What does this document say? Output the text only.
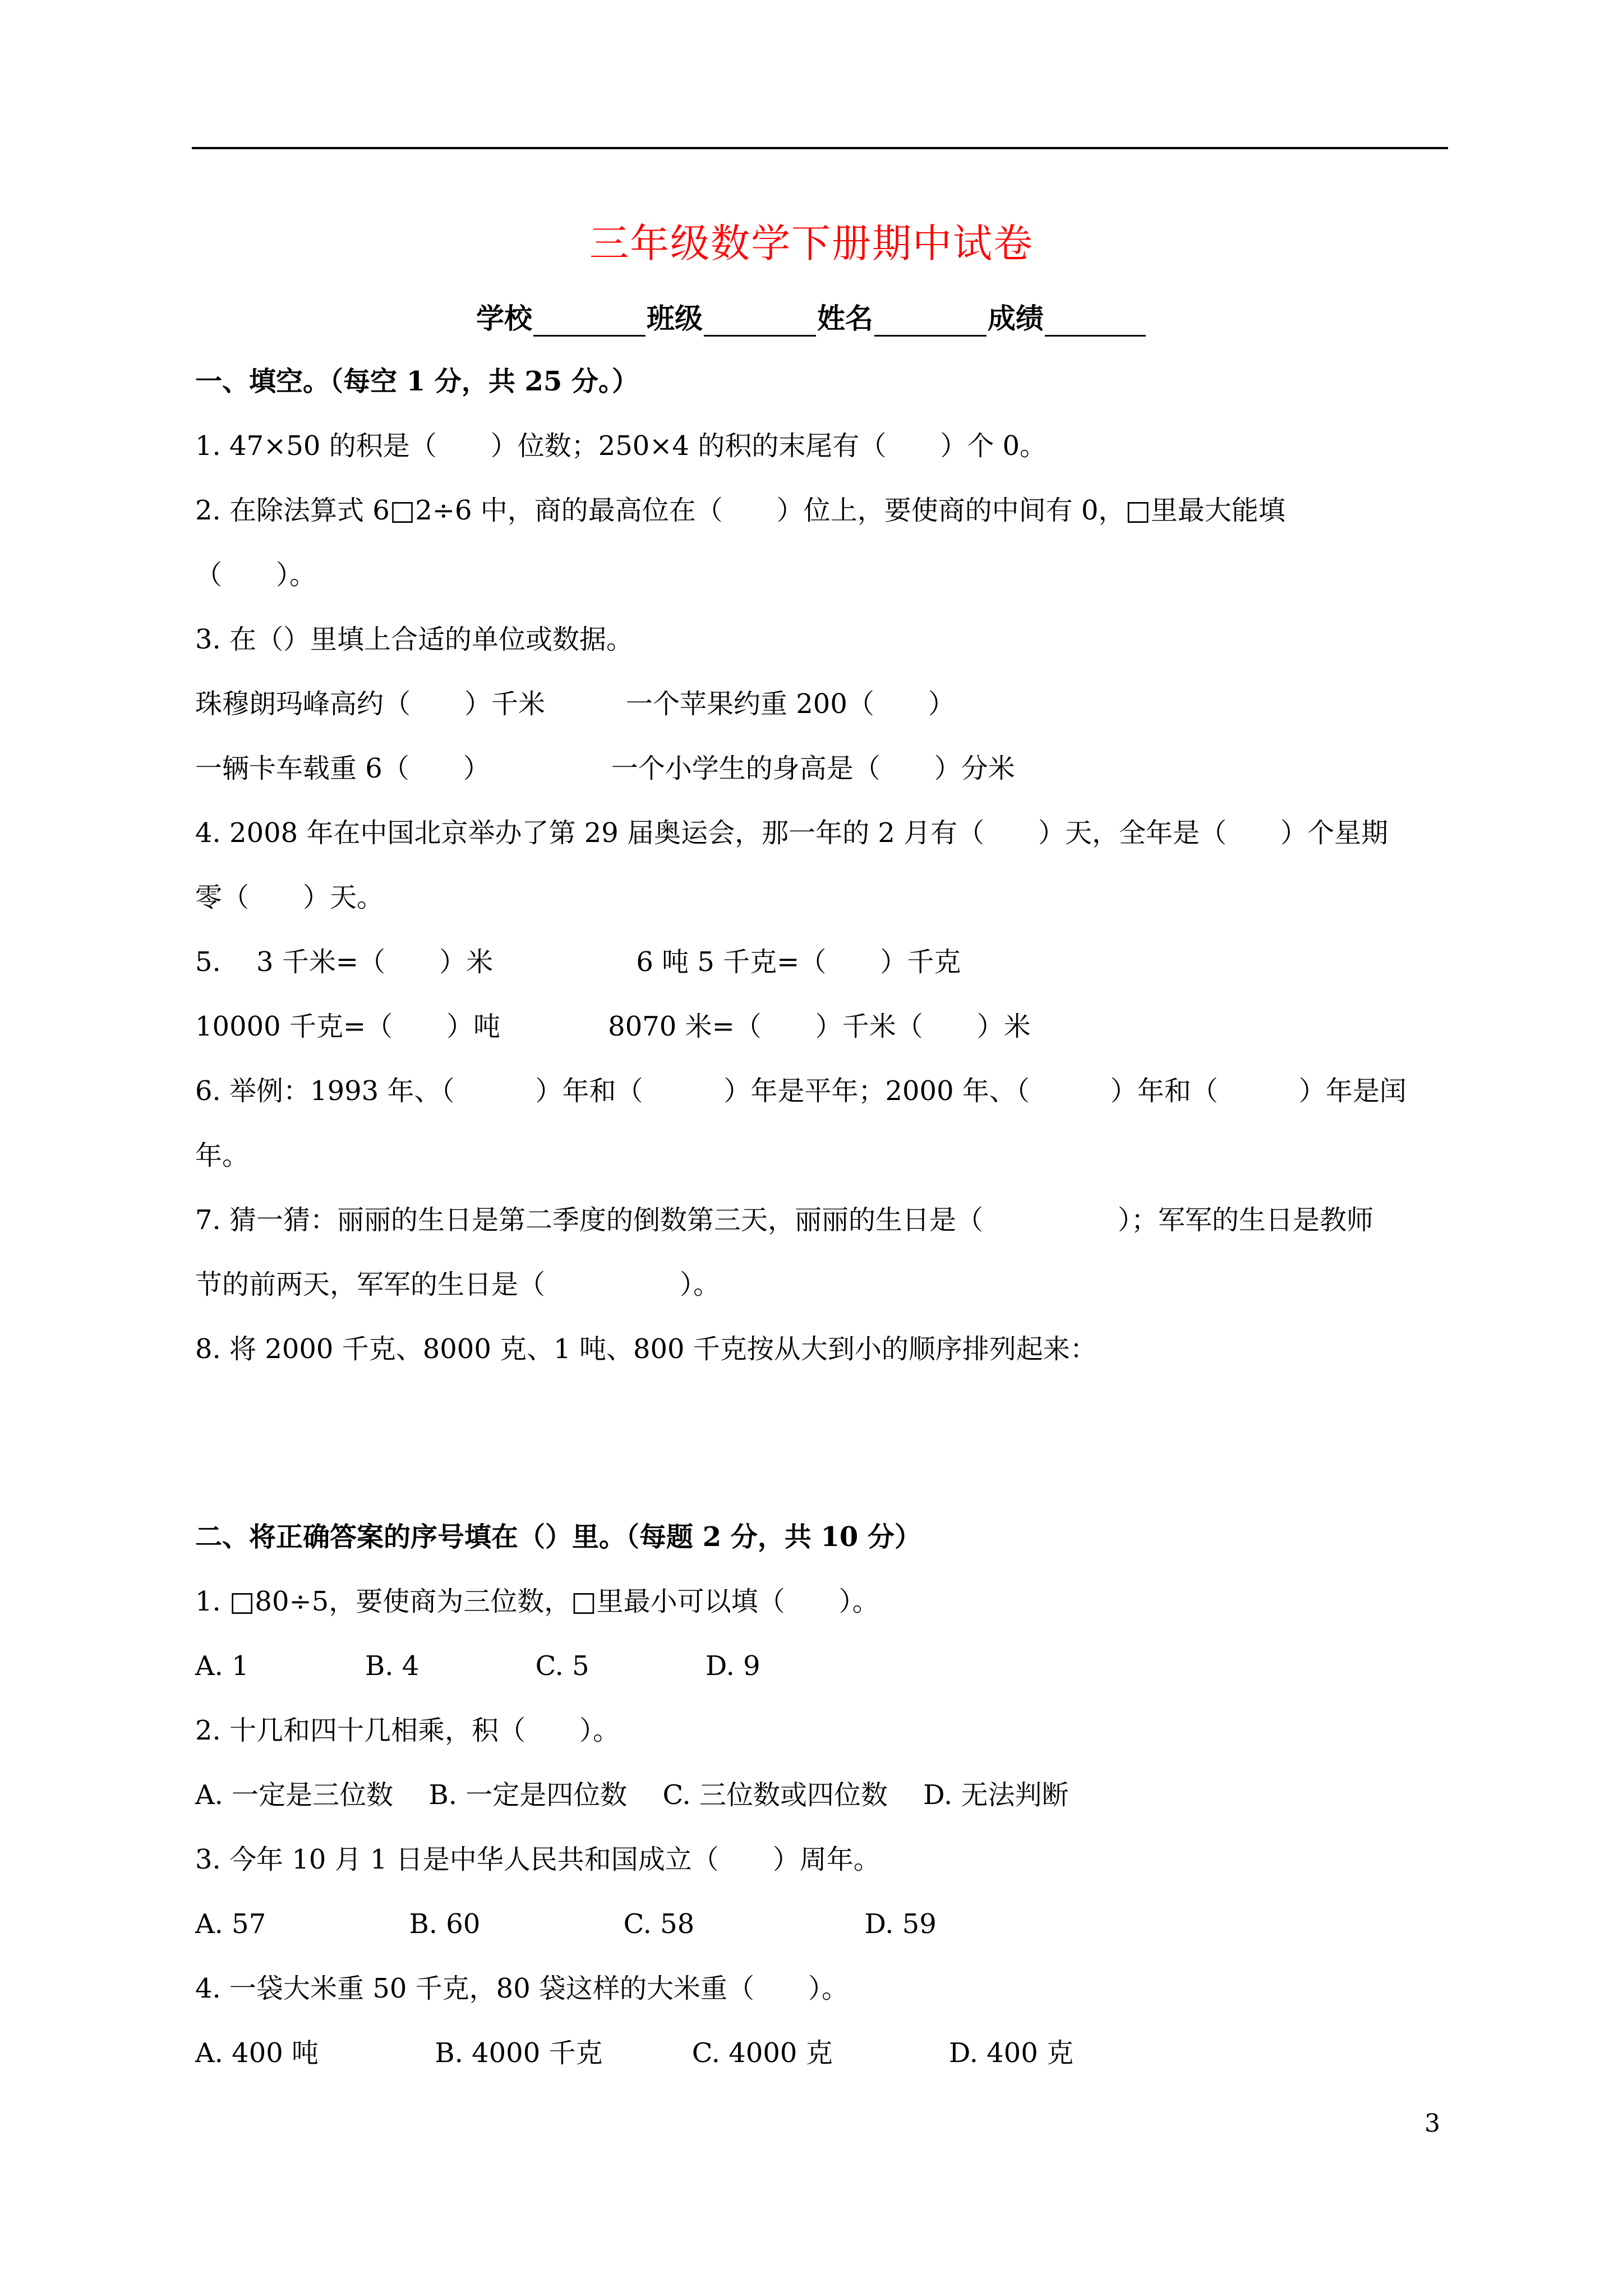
三年级数学下册期中试卷
学校	班级	姓名	成绩
一、填空。（每空 1 分，共 25 分。）
1. 47×50 的积是（　　）位数；250×4 的积的末尾有（　　）个 0。
2. 在除法算式 6□2÷6 中，商的最高位在（　　）位上，要使商的中间有 0，□里最大能填
（　　）。
3. 在（）里填上合适的单位或数据。
珠穆朗玛峰高约（　　）千米　　　一个苹果约重 200（　　）
一辆卡车载重 6（　　）　　　　　一个小学生的身高是（　　）分米
4. 2008 年在中国北京举办了第 29 届奥运会，那一年的 2 月有（　　）天，全年是（　　）个星期
零（　　）天。
5.　 3 千米=（　　）米　　　　　 6 吨 5 千克=（　　）千克
10000 千克=（　　）吨　　　　8070 米=（　　）千米（　　）米
6. 举例：1993 年、（　　　）年和（　　　）年是平年；2000 年、（　　　）年和（　　　）年是闰
年。
7. 猜一猜：丽丽的生日是第二季度的倒数第三天，丽丽的生日是（　　　　　）；军军的生日是教师
节的前两天，军军的生日是（　　　　　）。
8. 将 2000 千克、8000 克、1 吨、800 千克按从大到小的顺序排列起来：
二、将正确答案的序号填在（）里。（每题 2 分，共 10 分）
1. □80÷5，要使商为三位数，□里最小可以填（　　）。
A. 1　　　　 B. 4　　　　 C. 5　　　　 D. 9
2. 十几和四十几相乘，积（　　）。
A. 一定是三位数　 B. 一定是四位数　 C. 三位数或四位数　 D. 无法判断
3. 今年 10 月 1 日是中华人民共和国成立（　　）周年。
A. 57　　　　　 B. 60　　　　　 C. 58　　　　　　 D. 59
4. 一袋大米重 50 千克，80 袋这样的大米重（　　）。
A. 400 吨　　　　 B. 4000 千克　　　 C. 4000 克　　　　 D. 400 克
3
